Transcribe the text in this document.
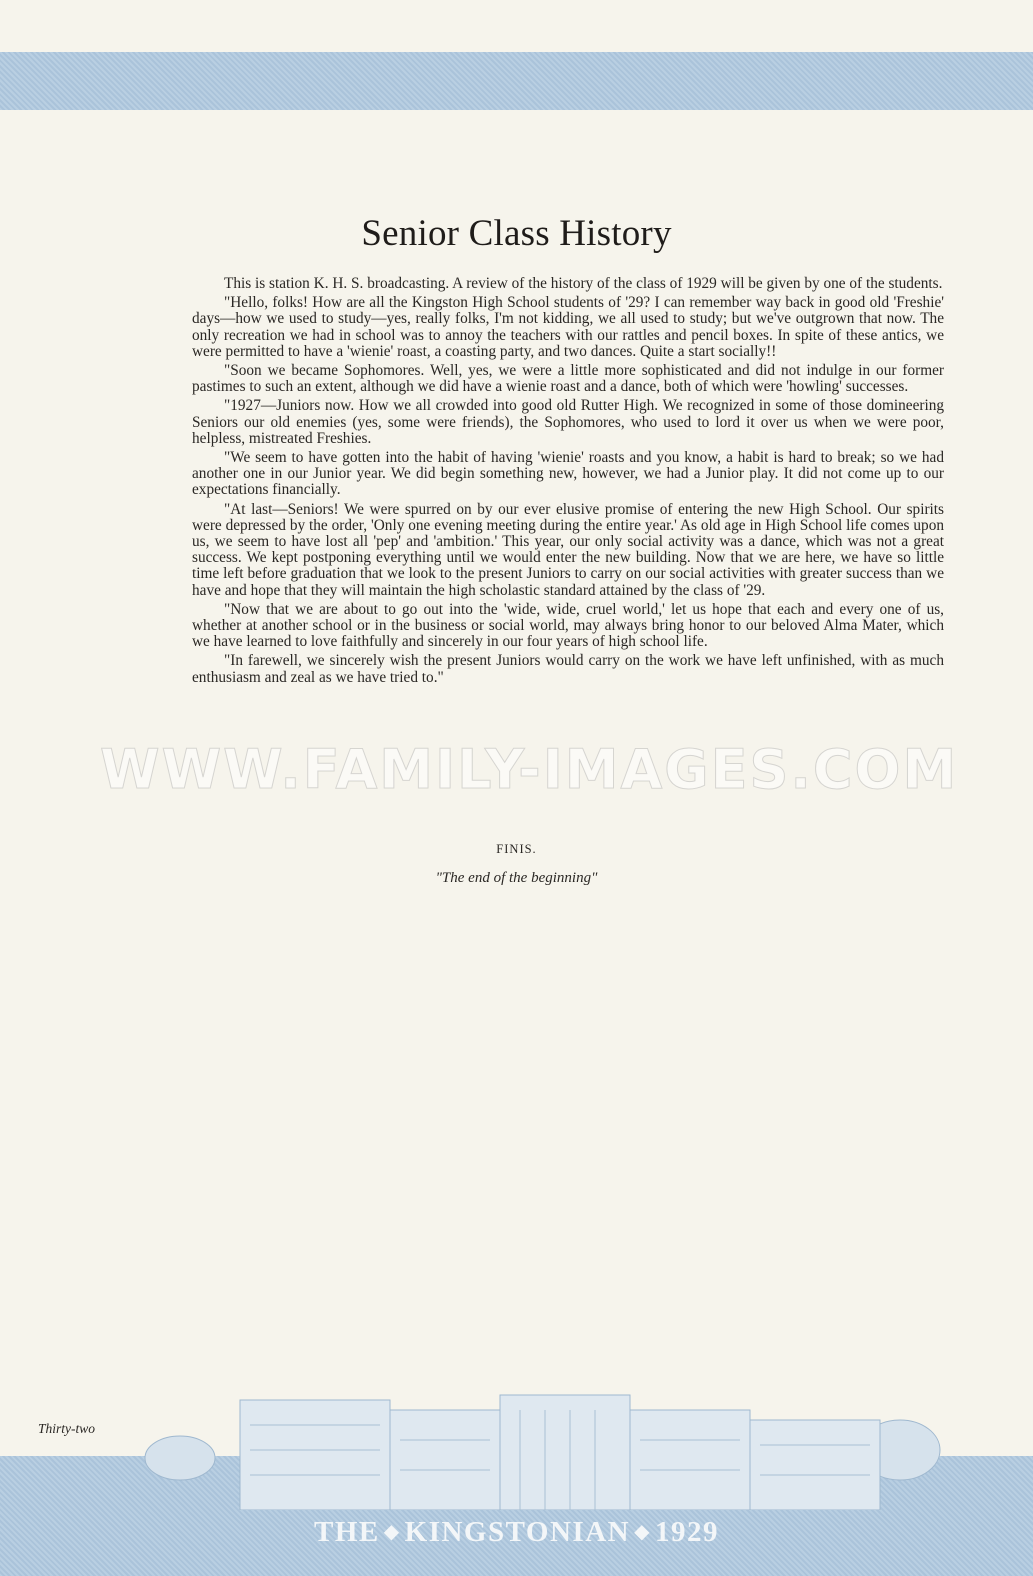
Senior Class History

This is station K. H. S. broadcasting. A review of the history of the class of 1929 will be given by one of the students.

"Hello, folks! How are all the Kingston High School students of '29? I can remember way back in good old 'Freshie' days—how we used to study—yes, really folks, I'm not kidding, we all used to study; but we've outgrown that now. The only recreation we had in school was to annoy the teachers with our rattles and pencil boxes. In spite of these antics, we were permitted to have a 'wienie' roast, a coasting party, and two dances. Quite a start socially!!

"Soon we became Sophomores. Well, yes, we were a little more sophisticated and did not indulge in our former pastimes to such an extent, although we did have a wienie roast and a dance, both of which were 'howling' successes.

"1927—Juniors now. How we all crowded into good old Rutter High. We recognized in some of those domineering Seniors our old enemies (yes, some were friends), the Sophomores, who used to lord it over us when we were poor, helpless, mistreated Freshies.

"We seem to have gotten into the habit of having 'wienie' roasts and you know, a habit is hard to break; so we had another one in our Junior year. We did begin something new, however, we had a Junior play. It did not come up to our expectations financially.

"At last—Seniors! We were spurred on by our ever elusive promise of entering the new High School. Our spirits were depressed by the order, 'Only one evening meeting during the entire year.' As old age in High School life comes upon us, we seem to have lost all 'pep' and 'ambition.' This year, our only social activity was a dance, which was not a great success. We kept postponing everything until we would enter the new building. Now that we are here, we have so little time left before graduation that we look to the present Juniors to carry on our social activities with greater success than we have and hope that they will maintain the high scholastic standard attained by the class of '29.

"Now that we are about to go out into the 'wide, wide, cruel world,' let us hope that each and every one of us, whether at another school or in the business or social world, may always bring honor to our beloved Alma Mater, which we have learned to love faithfully and sincerely in our four years of high school life.

"In farewell, we sincerely wish the present Juniors would carry on the work we have left unfinished, with as much enthusiasm and zeal as we have tried to."

FINIS.
"The end of the beginning"
WWW.FAMILY-IMAGES.COM
Thirty-two
THE ◆ KINGSTONIAN ◆ 1929
